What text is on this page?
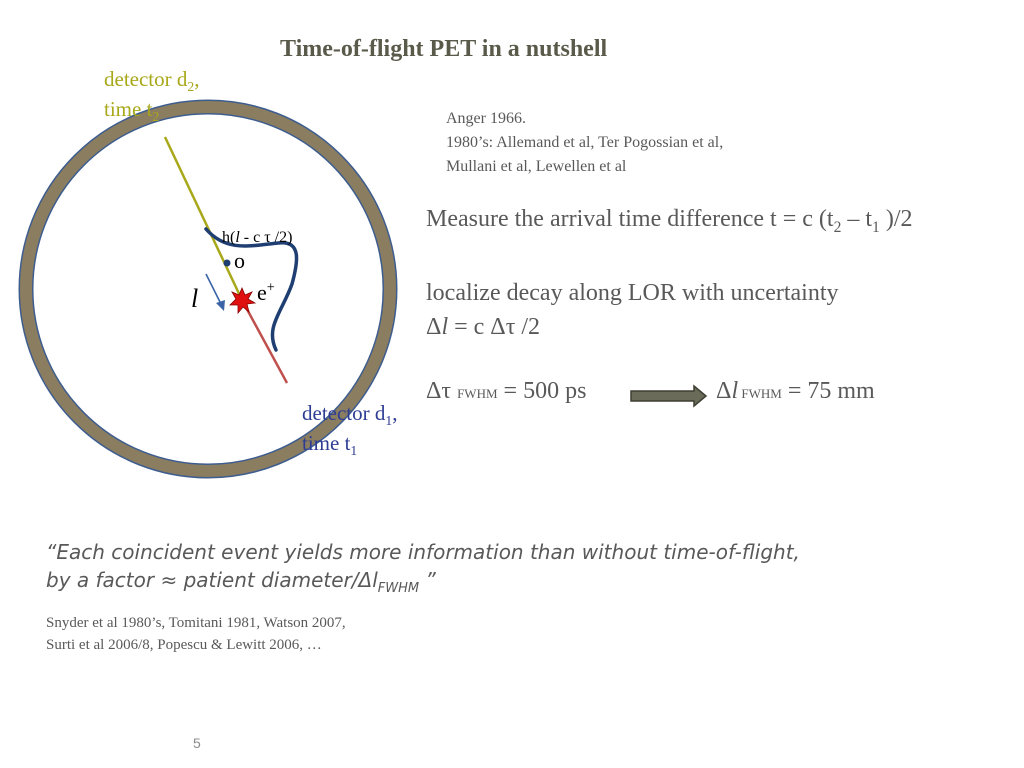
Time-of-flight PET in a nutshell
detector $d_2$,
time $t_2$
detector $d_1$,
time $t_1$
h(l - c τ /2)
o
e+
l
Anger 1966.
1980’s: Allemand et al, Ter Pogossian et al,
Mullani et al, Lewellen et al
Measure the arrival time difference t = c ($t_2 - t_1$ )/2
localize decay along LOR with uncertainty
Δl = c Δτ /2
Δτ FWHM = 500 ps	Δl FWHM = 75 mm
“Each coincident event yields more information than without time-of-flight,
by a factor ≈ patient diameter/$\Delta l_{FWHM}$ ”
Snyder et al 1980’s, Tomitani 1981, Watson 2007,
Surti et al 2006/8, Popescu & Lewitt 2006, …
5
